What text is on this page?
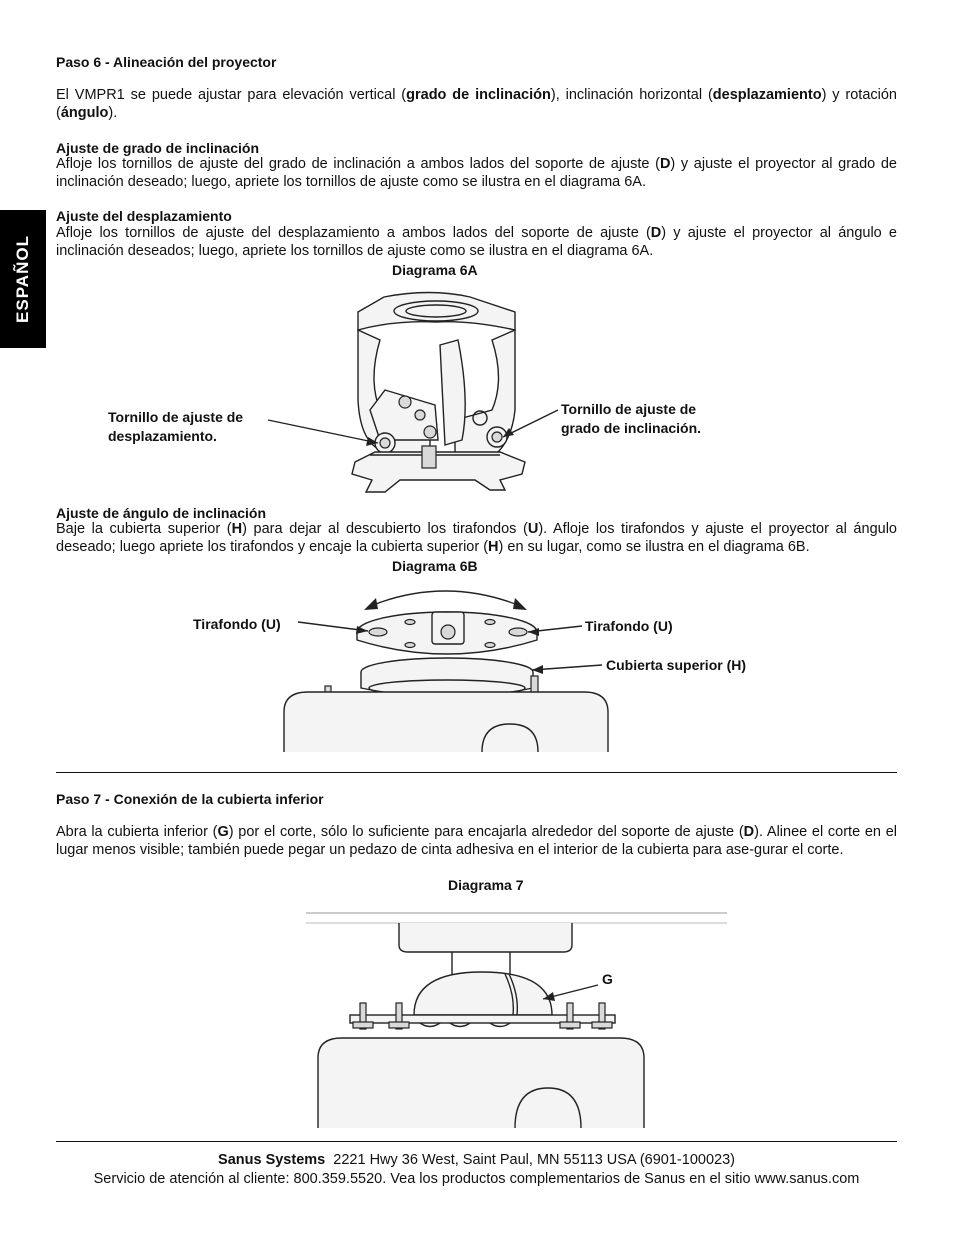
ESPAÑOL
Paso 6 - Alineación del proyector
El VMPR1 se puede ajustar para elevación vertical (grado de inclinación), inclinación horizontal (desplazamiento) y rotación (ángulo).
Ajuste de grado de inclinación
Afloje los tornillos de ajuste del grado de inclinación a ambos lados del soporte de ajuste (D) y ajuste el proyector al grado de inclinación deseado; luego, apriete los tornillos de ajuste como se ilustra en el diagrama 6A.
Ajuste del desplazamiento
Afloje los tornillos de ajuste del desplazamiento a ambos lados del soporte de ajuste (D) y ajuste el proyector al ángulo e inclinación deseados; luego, apriete los tornillos de ajuste como se ilustra en el diagrama 6A.
Diagrama 6A
Tornillo de ajuste de
desplazamiento.
Tornillo de ajuste de
grado de inclinación.
Ajuste de ángulo de inclinación
Baje la cubierta superior (H) para dejar al descubierto los tirafondos (U). Afloje los tirafondos y ajuste el proyector al ángulo deseado; luego apriete los tirafondos y encaje la cubierta superior (H) en su lugar, como se ilustra en el diagrama 6B.
Diagrama 6B
Tirafondo (U)	Tirafondo (U)
Cubierta superior (H)
Paso 7 - Conexión de la cubierta inferior
Abra la cubierta inferior (G) por el corte, sólo lo suficiente para encajarla alrededor del soporte de ajuste (D). Alinee el corte en el lugar menos visible; también puede pegar un pedazo de cinta adhesiva en el interior de la cubierta para ase-gurar el corte.
Diagrama 7
G
Sanus Systems 2221 Hwy 36 West, Saint Paul, MN 55113 USA (6901-100023)
Servicio de atención al cliente: 800.359.5520. Vea los productos complementarios de Sanus en el sitio www.sanus.com
